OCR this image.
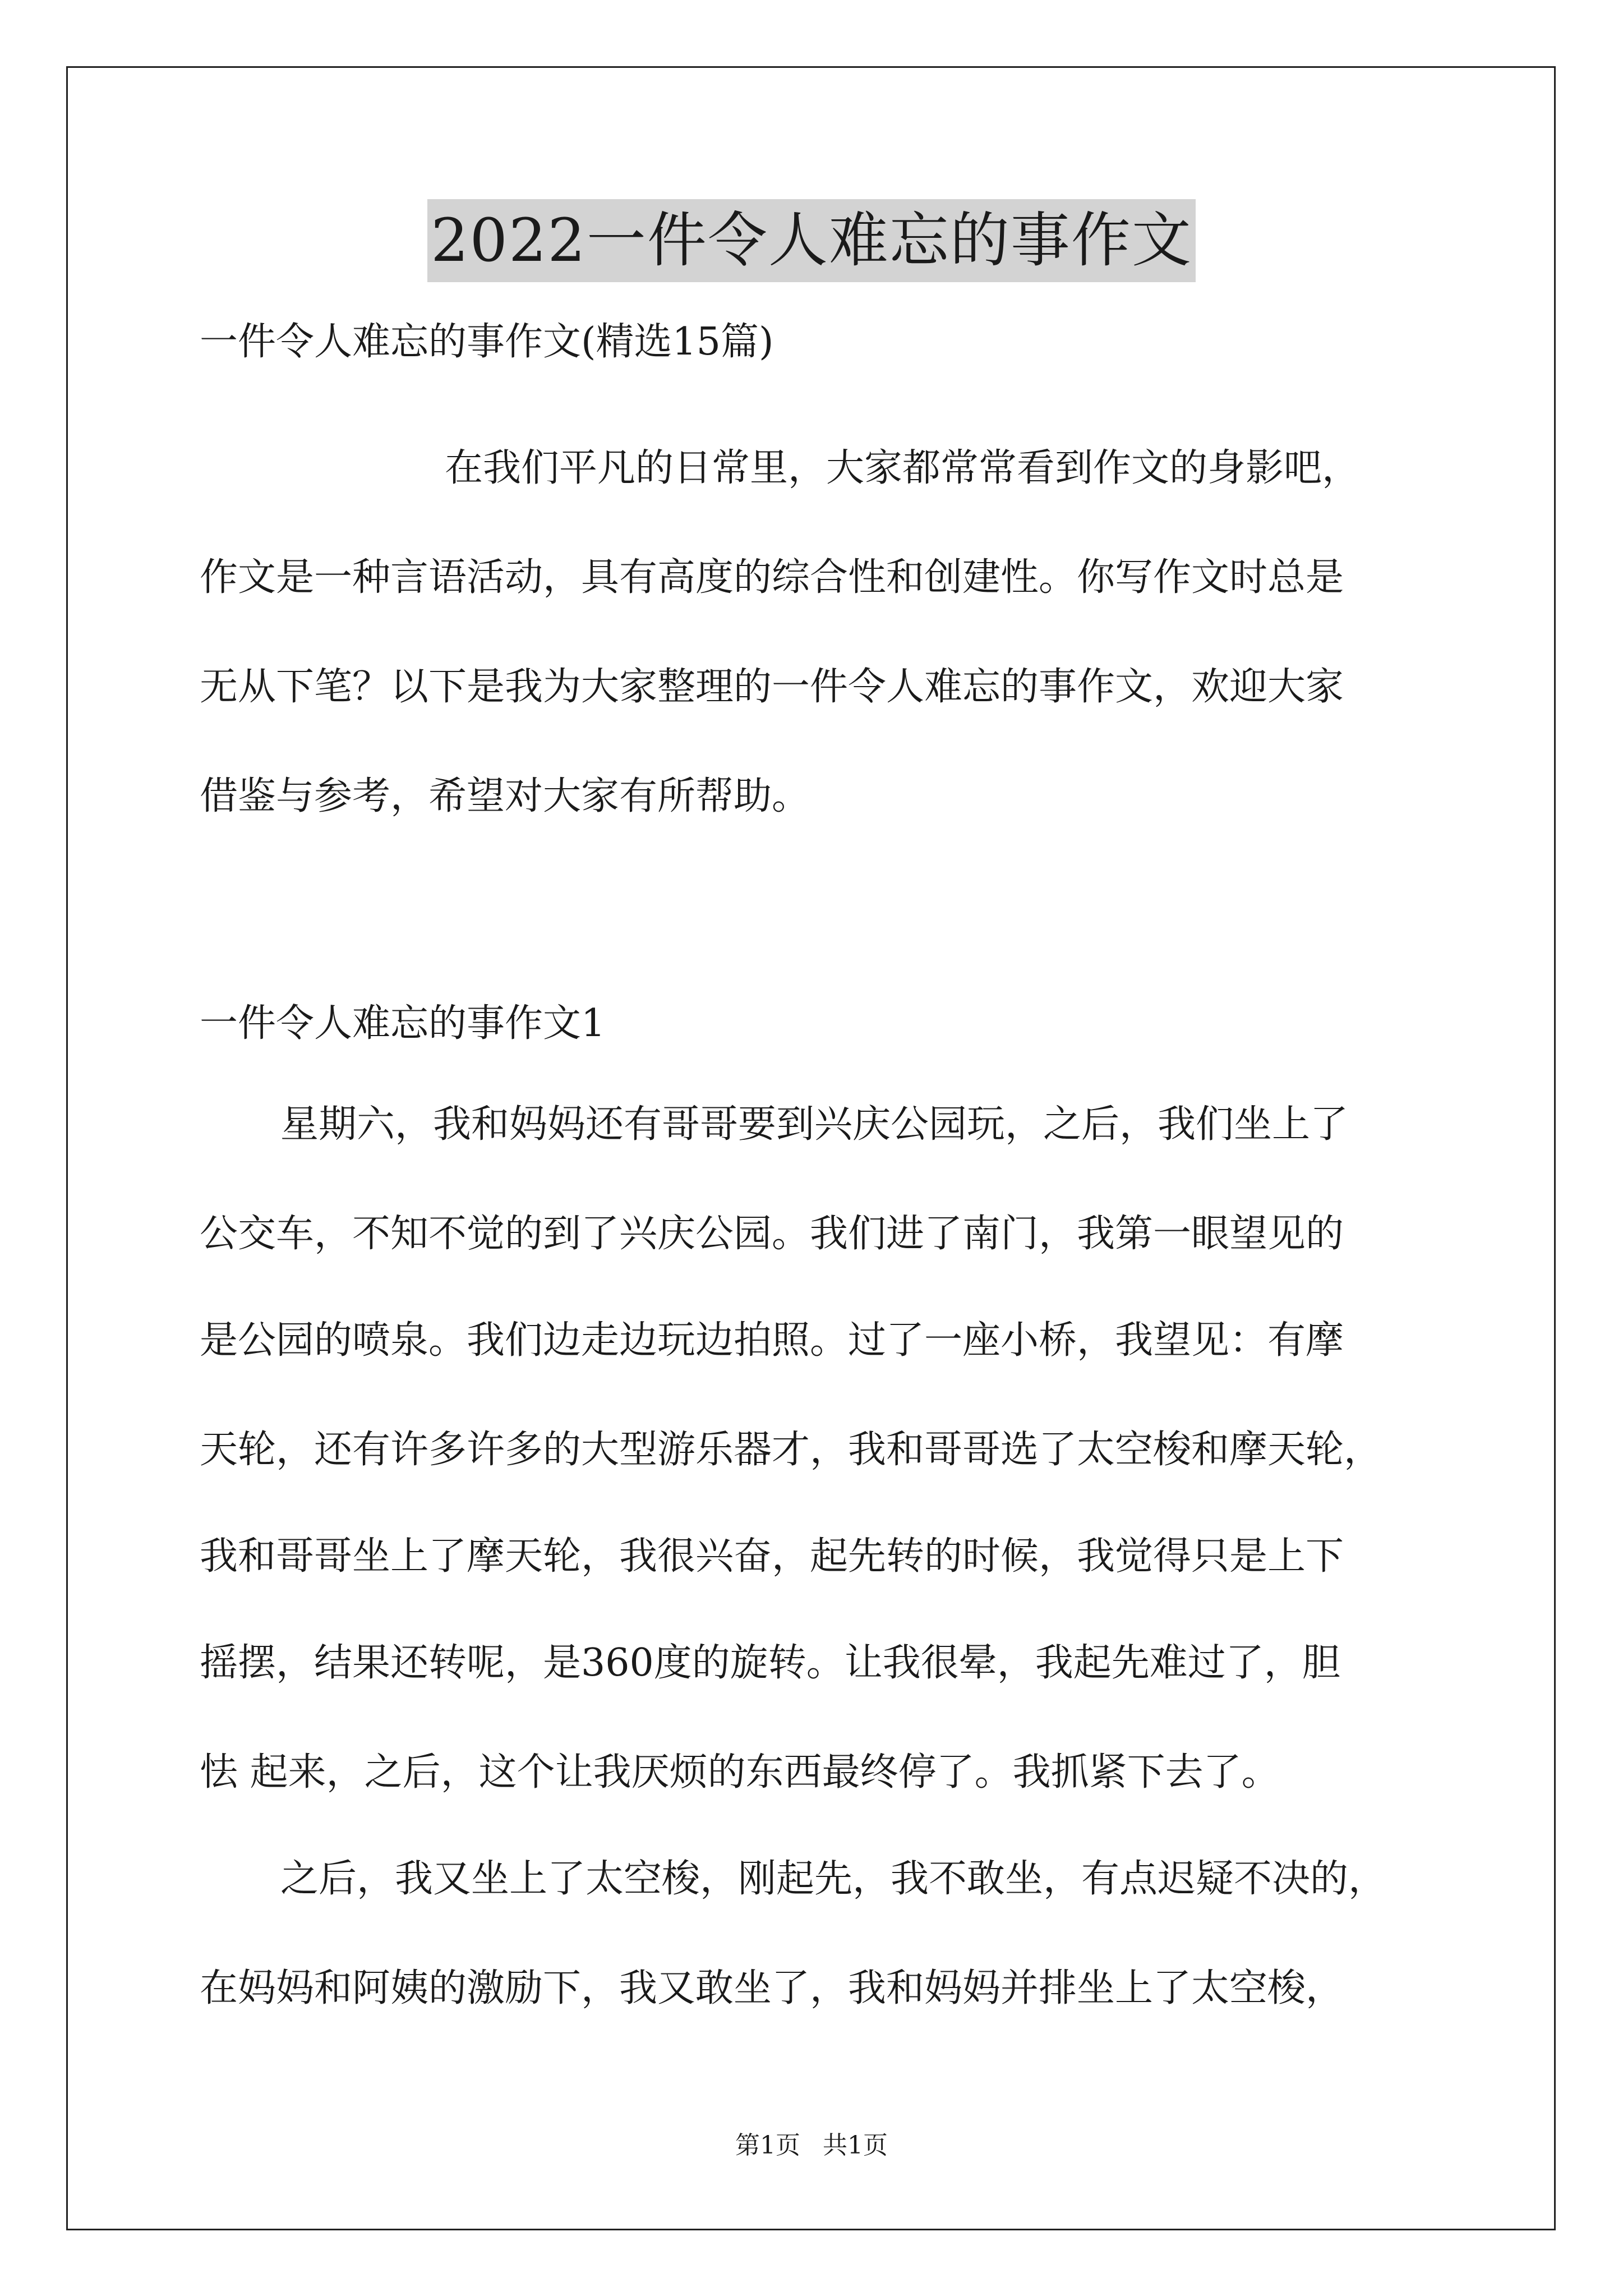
2022一件令人难忘的事作文
一件令人难忘的事作文(精选15篇)
在我们平凡的日常里，大家都常常看到作文的身影吧，
作文是一种言语活动，具有高度的综合性和创建性。你写作文时总是
无从下笔？以下是我为大家整理的一件令人难忘的事作文，欢迎大家
借鉴与参考，希望对大家有所帮助。
一件令人难忘的事作文1
星期六，我和妈妈还有哥哥要到兴庆公园玩，之后，我们坐上了
公交车，不知不觉的到了兴庆公园。我们进了南门，我第一眼望见的
是公园的喷泉。我们边走边玩边拍照。过了一座小桥，我望见：有摩
天轮，还有许多许多的大型游乐器才，我和哥哥选了太空梭和摩天轮，
我和哥哥坐上了摩天轮，我很兴奋，起先转的时候，我觉得只是上下
摇摆，结果还转呢，是360度的旋转。让我很晕，我起先难过了，胆
怯 起来，之后，这个让我厌烦的东西最终停了。我抓紧下去了。
之后，我又坐上了太空梭，刚起先，我不敢坐，有点迟疑不决的，
在妈妈和阿姨的激励下，我又敢坐了，我和妈妈并排坐上了太空梭，
第1页 共1页
